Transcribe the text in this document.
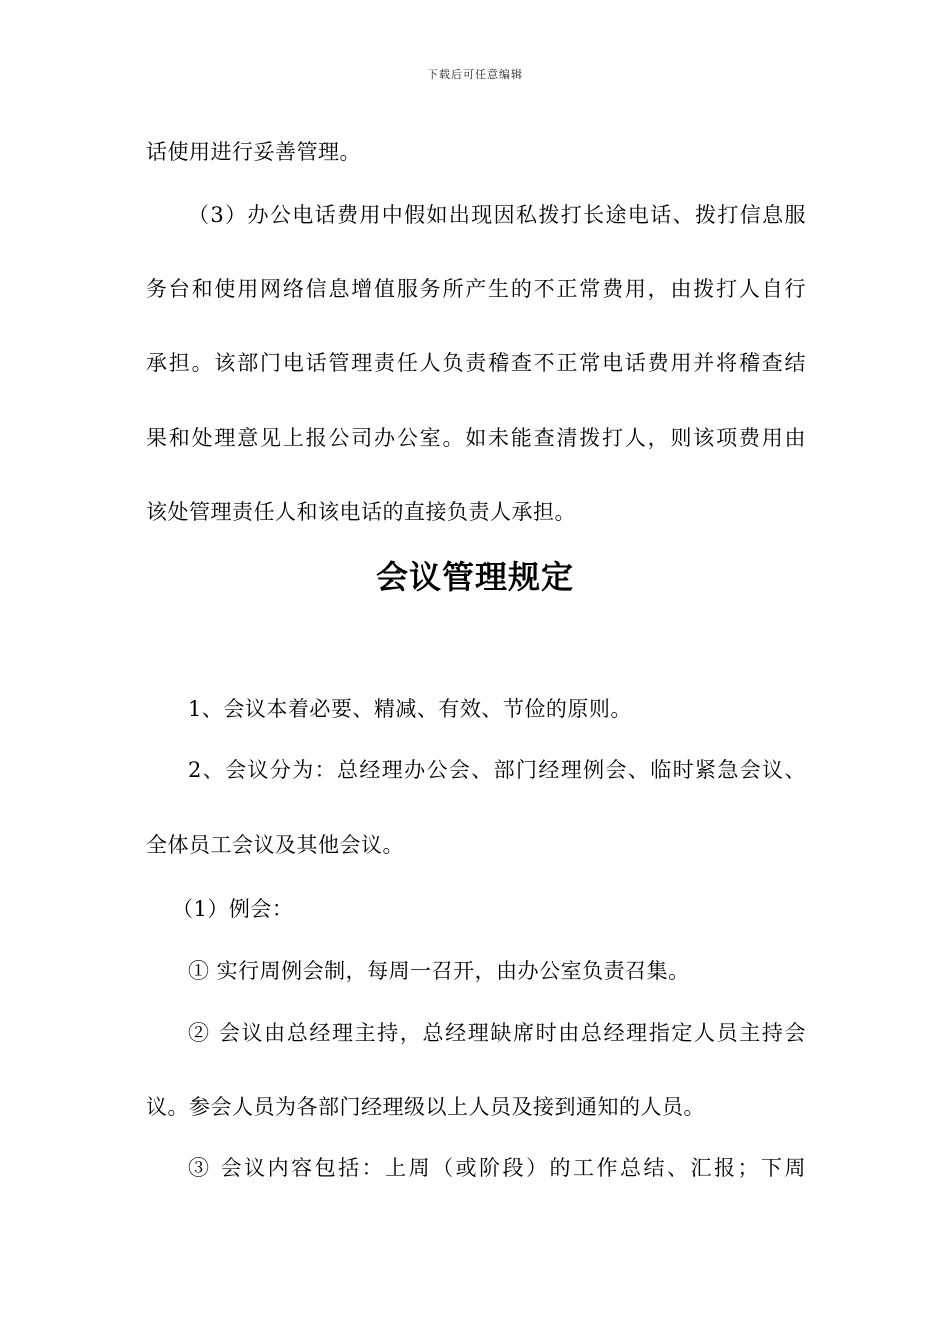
下载后可任意编辑
话使用进行妥善管理。
（3）办公电话费用中假如出现因私拨打长途电话、拨打信息服
务台和使用网络信息增值服务所产生的不正常费用，由拨打人自行
承担。该部门电话管理责任人负责稽查不正常电话费用并将稽查结
果和处理意见上报公司办公室。如未能查清拨打人，则该项费用由
该处管理责任人和该电话的直接负责人承担。
会议管理规定
1、会议本着必要、精减、有效、节俭的原则。
2、会议分为：总经理办公会、部门经理例会、临时紧急会议、
全体员工会议及其他会议。
（1）例会：
① 实行周例会制，每周一召开，由办公室负责召集。
② 会议由总经理主持，总经理缺席时由总经理指定人员主持会
议。参会人员为各部门经理级以上人员及接到通知的人员。
③ 会议内容包括：上周（或阶段）的工作总结、汇报；下周
